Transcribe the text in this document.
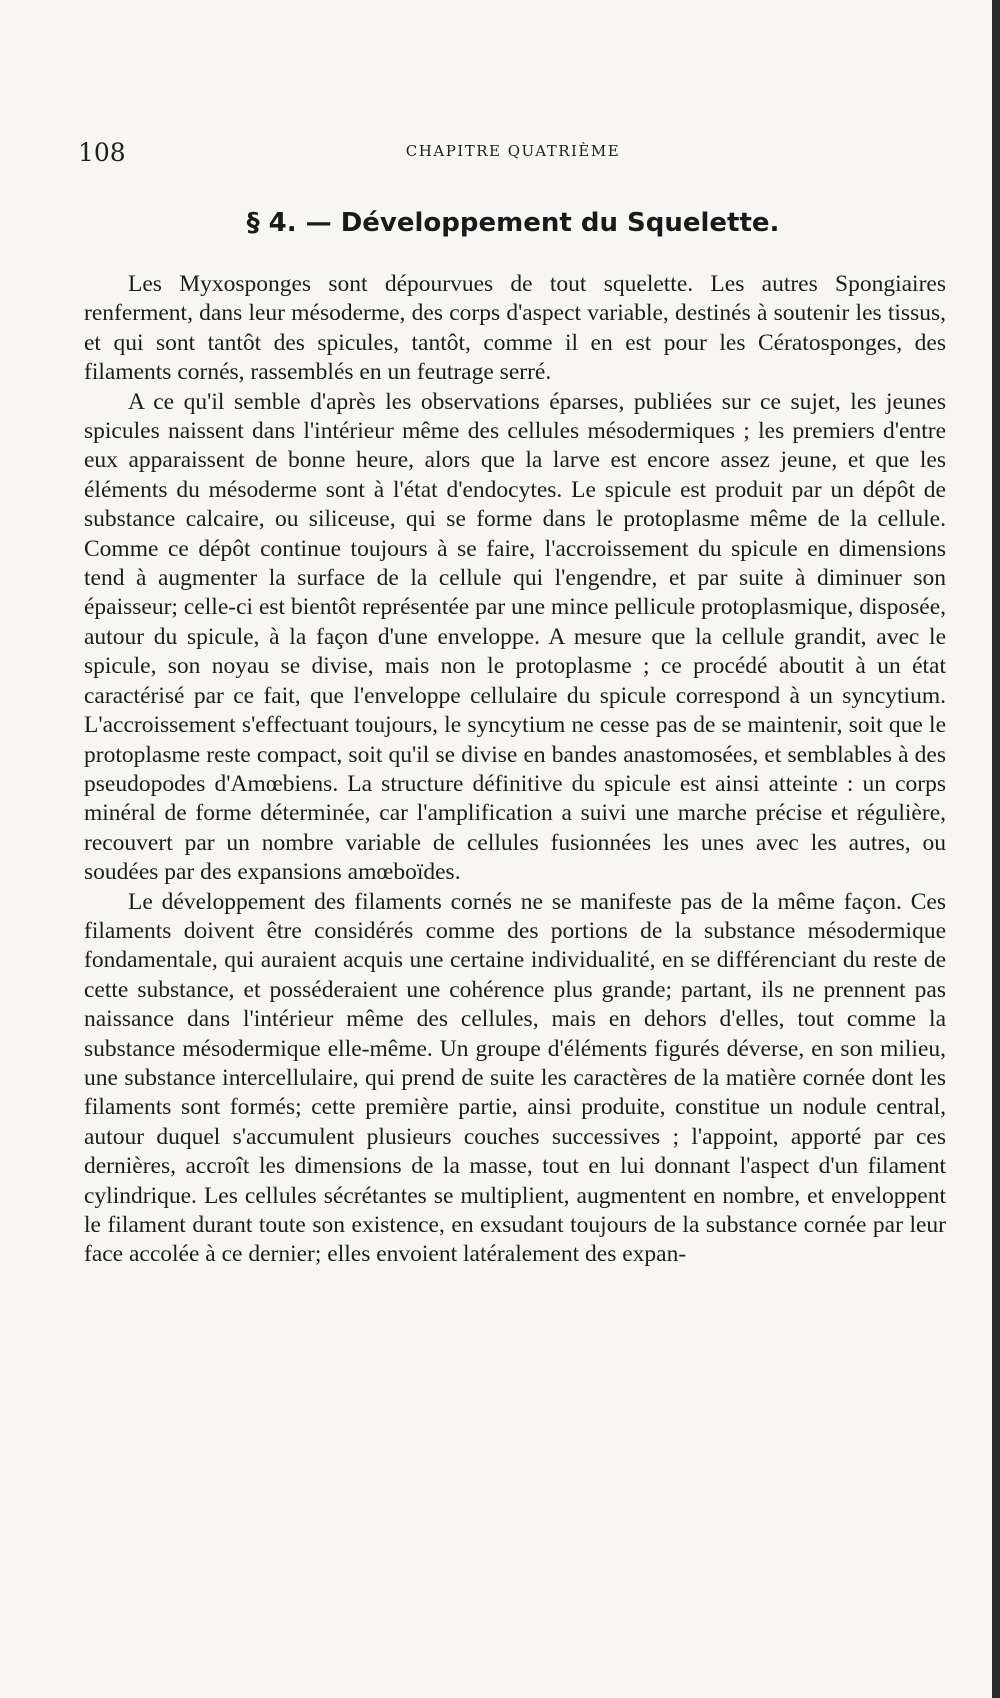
108	CHAPITRE QUATRIÈME
§ 4. — Développement du Squelette.

Les Myxosponges sont dépourvues de tout squelette. Les autres Spongiaires renferment, dans leur mésoderme, des corps d'aspect variable, destinés à soutenir les tissus, et qui sont tantôt des spicules, tantôt, comme il en est pour les Cératosponges, des filaments cornés, rassemblés en un feutrage serré.

A ce qu'il semble d'après les observations éparses, publiées sur ce sujet, les jeunes spicules naissent dans l'intérieur même des cellules mésodermiques ; les premiers d'entre eux apparaissent de bonne heure, alors que la larve est encore assez jeune, et que les éléments du mésoderme sont à l'état d'endocytes. Le spicule est produit par un dépôt de substance calcaire, ou siliceuse, qui se forme dans le protoplasme même de la cellule. Comme ce dépôt continue toujours à se faire, l'accroissement du spicule en dimensions tend à augmenter la surface de la cellule qui l'engendre, et par suite à diminuer son épaisseur; celle-ci est bientôt représentée par une mince pellicule protoplasmique, disposée, autour du spicule, à la façon d'une enveloppe. A mesure que la cellule grandit, avec le spicule, son noyau se divise, mais non le protoplasme ; ce procédé aboutit à un état caractérisé par ce fait, que l'enveloppe cellulaire du spicule correspond à un syncytium. L'accroissement s'effectuant toujours, le syncytium ne cesse pas de se maintenir, soit que le protoplasme reste compact, soit qu'il se divise en bandes anastomosées, et semblables à des pseudopodes d'Amœbiens. La structure définitive du spicule est ainsi atteinte : un corps minéral de forme déterminée, car l'amplification a suivi une marche précise et régulière, recouvert par un nombre variable de cellules fusionnées les unes avec les autres, ou soudées par des expansions amœboïdes.

Le développement des filaments cornés ne se manifeste pas de la même façon. Ces filaments doivent être considérés comme des portions de la substance mésodermique fondamentale, qui auraient acquis une certaine individualité, en se différenciant du reste de cette substance, et posséderaient une cohérence plus grande; partant, ils ne prennent pas naissance dans l'intérieur même des cellules, mais en dehors d'elles, tout comme la substance mésodermique elle-même. Un groupe d'éléments figurés déverse, en son milieu, une substance intercellulaire, qui prend de suite les caractères de la matière cornée dont les filaments sont formés; cette première partie, ainsi produite, constitue un nodule central, autour duquel s'accumulent plusieurs couches successives ; l'appoint, apporté par ces dernières, accroît les dimensions de la masse, tout en lui donnant l'aspect d'un filament cylindrique. Les cellules sécrétantes se multiplient, augmentent en nombre, et enveloppent le filament durant toute son existence, en exsudant toujours de la substance cornée par leur face accolée à ce dernier; elles envoient latéralement des expan-
